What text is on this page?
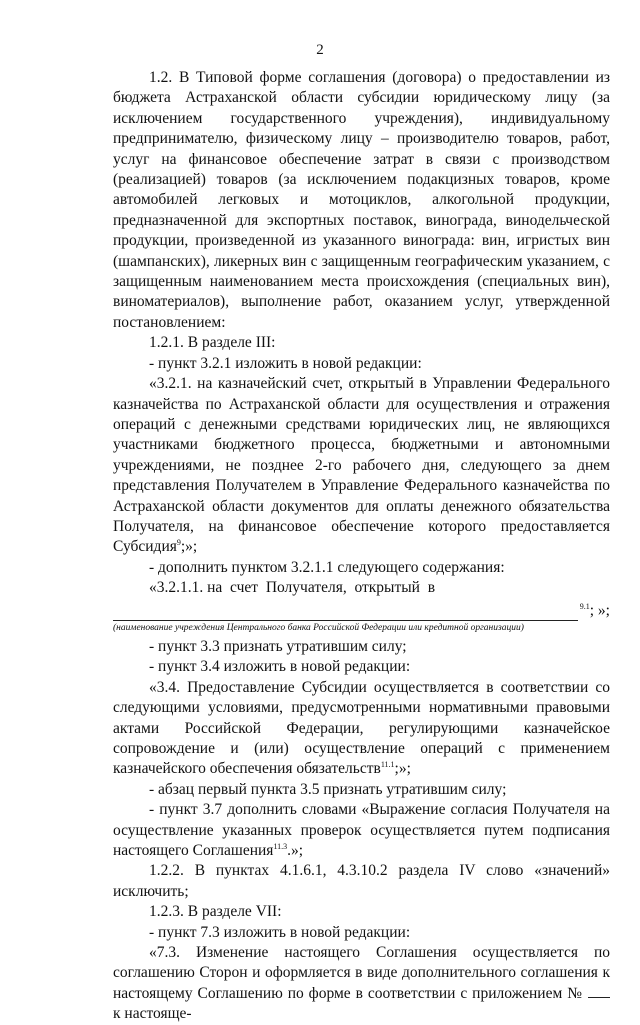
2

1.2. В Типовой форме соглашения (договора) о предоставлении из бюджета Астраханской области субсидии юридическому лицу (за исключением государственного учреждения), индивидуальному предпринимателю, физическому лицу – производителю товаров, работ, услуг на финансовое обеспечение затрат в связи с производством (реализацией) товаров (за исключением подакцизных товаров, кроме автомобилей легковых и мотоциклов, алкогольной продукции, предназначенной для экспортных поставок, винограда, винодельческой продукции, произведенной из указанного винограда: вин, игристых вин (шампанских), ликерных вин с защищенным географическим указанием, с защищенным наименованием места происхождения (специальных вин), виноматериалов), выполнение работ, оказанием услуг, утвержденной постановлением:

1.2.1. В разделе III:

- пункт 3.2.1 изложить в новой редакции:

«3.2.1. на казначейский счет, открытый в Управлении Федерального казначейства по Астраханской области для осуществления и отражения операций с денежными средствами юридических лиц, не являющихся участниками бюджетного процесса, бюджетными и автономными учреждениями, не позднее 2-го рабочего дня, следующего за днем представления Получателем в Управление Федерального казначейства по Астраханской области документов для оплаты денежного обязательства Получателя, на финансовое обеспечение которого предоставляется Субсидия$^9$;»;

- дополнить пунктом 3.2.1.1 следующего содержания:

«3.2.1.1. на  счет  Получателя,  открытый  в
$^{9.1}$; »;
(наименование учреждения Центрального банка Российской Федерации или кредитной организации)

- пункт 3.3 признать утратившим силу;

- пункт 3.4 изложить в новой редакции:

«3.4. Предоставление Субсидии осуществляется в соответствии со следующими условиями, предусмотренными нормативными правовыми актами Российской Федерации, регулирующими казначейское сопровождение и (или) осуществление операций с применением казначейского обеспечения обязательств$^{11.1}$;»;

- абзац первый пункта 3.5 признать утратившим силу;

- пункт 3.7 дополнить словами «Выражение согласия Получателя на осуществление указанных проверок осуществляется путем подписания настоящего Соглашения$^{11.3}$.»;

1.2.2. В пунктах 4.1.6.1, 4.3.10.2 раздела IV слово «значений» исключить;

1.2.3. В разделе VII:

- пункт 7.3 изложить в новой редакции:

«7.3. Изменение настоящего Соглашения осуществляется по соглашению Сторон и оформляется в виде дополнительного соглашения к настоящему Соглашению по форме в соответствии с приложением №  к настояще-
